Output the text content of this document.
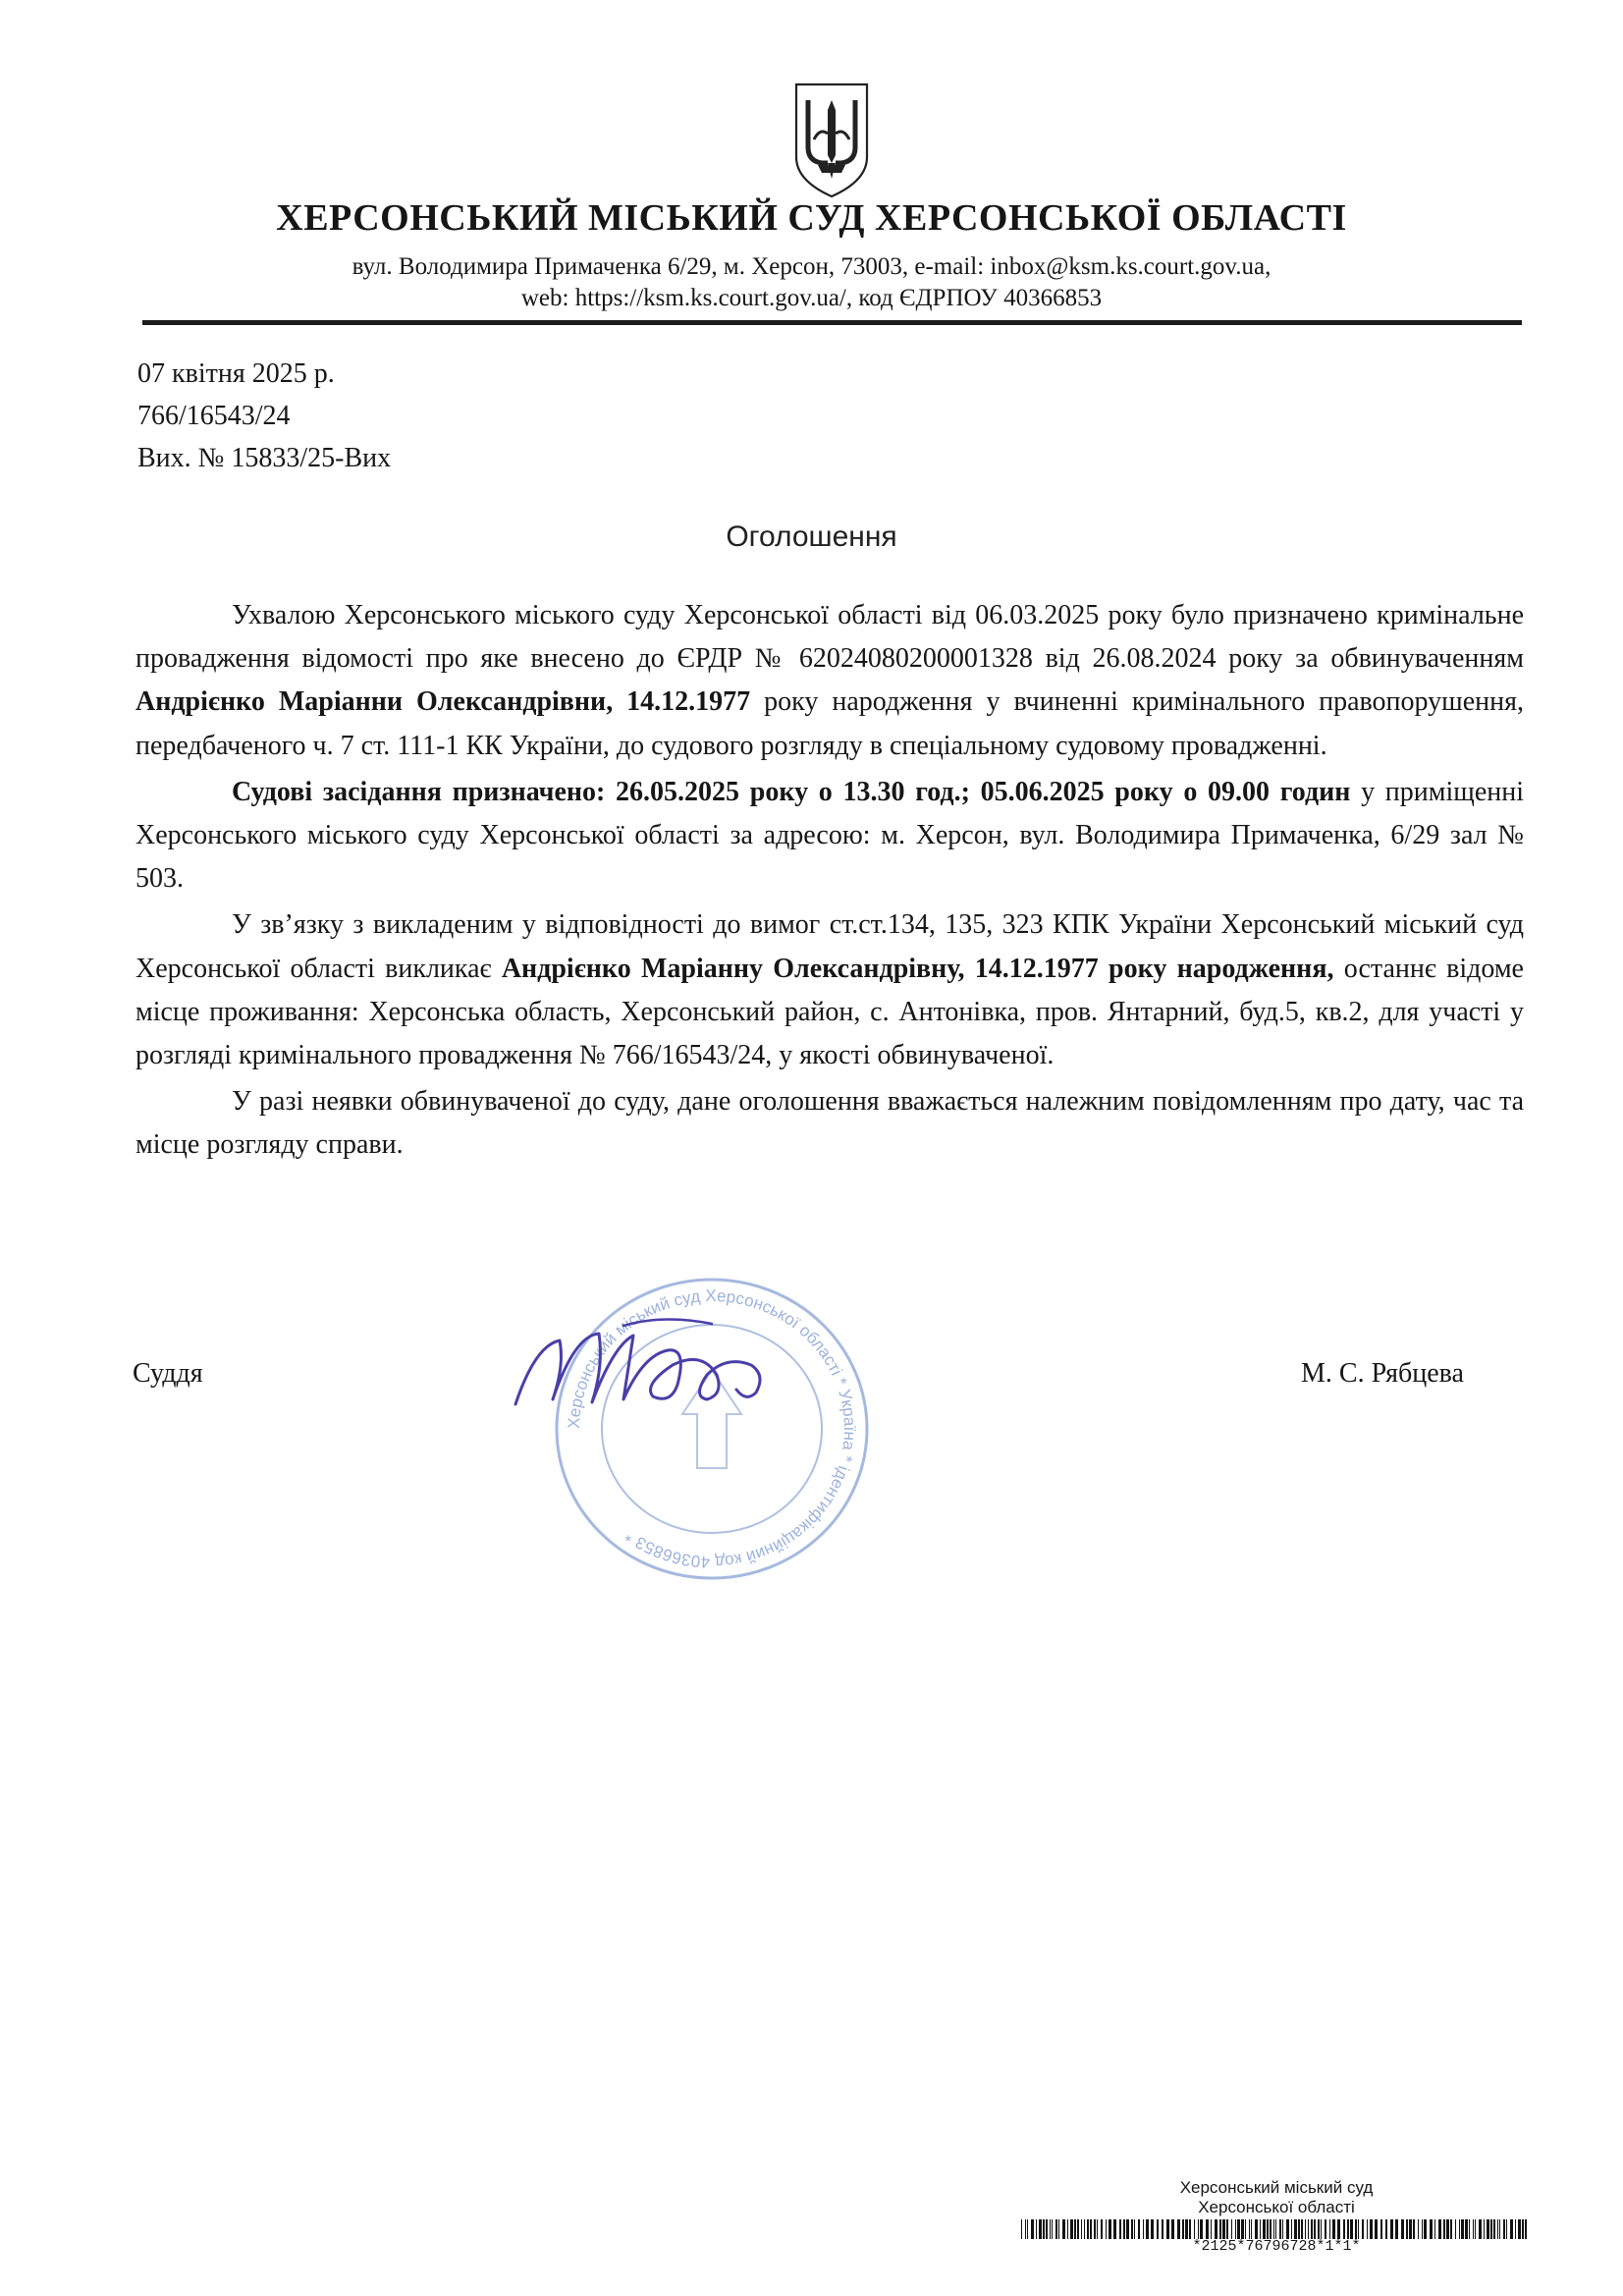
ХЕРСОНСЬКИЙ МІСЬКИЙ СУД ХЕРСОНСЬКОЇ ОБЛАСТІ
вул. Володимира Примаченка 6/29, м. Херсон, 73003, e-mail: inbox@ksm.ks.court.gov.ua,
web: https://ksm.ks.court.gov.ua/, код ЄДРПОУ 40366853
07 квітня 2025 р.
766/16543/24
Вих. № 15833/25-Вих
Оголошення

Ухвалою Херсонського міського суду Херсонської області від 06.03.2025 року було призначено кримінальне провадження відомості про яке внесено до ЄРДР № 62024080200001328 від 26.08.2024 року за обвинуваченням Андрієнко Маріанни Олександрівни, 14.12.1977 року народження у вчиненні кримінального правопорушення, передбаченого ч. 7 ст. 111-1 КК України, до судового розгляду в спеціальному судовому провадженні.

Судові засідання призначено: 26.05.2025 року о 13.30 год.; 05.06.2025 року о 09.00 годин у приміщенні Херсонського міського суду Херсонської області за адресою: м. Херсон, вул. Володимира Примаченка, 6/29 зал № 503.

У зв’язку з викладеним у відповідності до вимог ст.ст.134, 135, 323 КПК України Херсонський міський суд Херсонської області викликає Андрієнко Маріанну Олександрівну, 14.12.1977 року народження, останнє відоме місце проживання: Херсонська область, Херсонський район, с. Антонівка, пров. Янтарний, буд.5, кв.2, для участі у розгляді кримінального провадження № 766/16543/24, у якості обвинуваченої.

У разі неявки обвинуваченої до суду, дане оголошення вважається належним повідомленням про дату, час та місце розгляду справи.

Херсонський міський суд Херсонської області * Україна * ідентифікаційний код 40366853 *
Суддя	М. С. Рябцева
Херсонський міський суд
Херсонської області
*2125*76796728*1*1*
